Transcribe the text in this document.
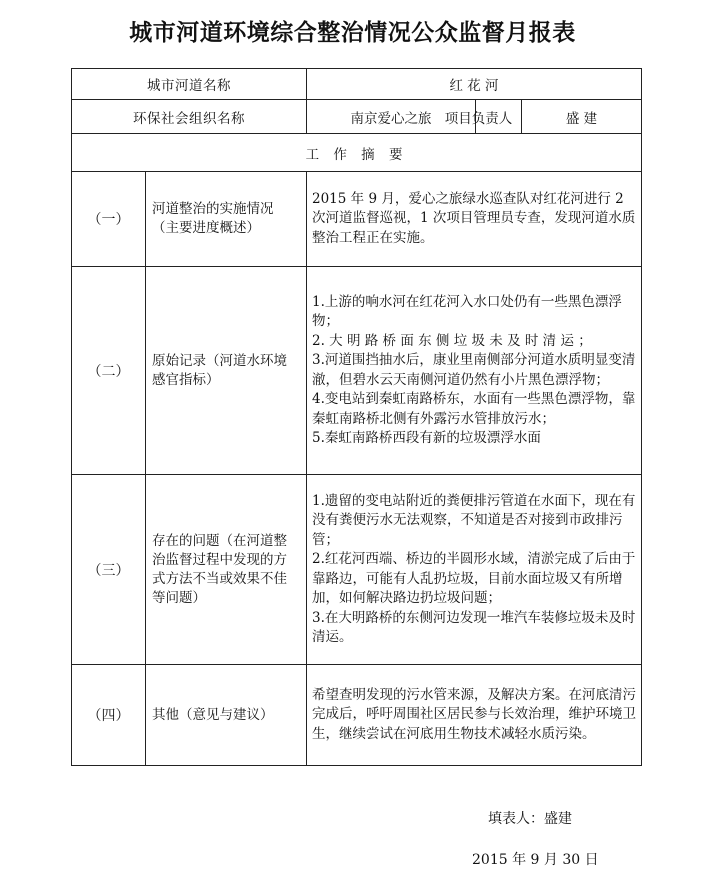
城市河道环境综合整治情况公众监督月报表
城市河道名称		红 花 河		
环保社会组织名称		南京爱心之旅	项目负责人	盛 建
工 作 摘 要				
（一）	河道整治的实施情况（主要进度概述）	2015 年 9 月，爱心之旅绿水巡查队对红花河进行 2 次河道监督巡视，1 次项目管理员专查，发现河道水质整治工程正在实施。		

（二）	原始记录（河道水环境感官指标）	1.上游的响水河在红花河入水口处仍有一些黑色漂浮物；

2. 大 明 路 桥 面 东 侧 垃 圾 未 及 时 清 运 ；

3.河道围挡抽水后，康业里南侧部分河道水质明显变清澈，但碧水云天南侧河道仍然有小片黑色漂浮物；

4.变电站到秦虹南路桥东，水面有一些黑色漂浮物，靠秦虹南路桥北侧有外露污水管排放污水；

5.秦虹南路桥西段有新的垃圾漂浮水面		

（三）	存在的问题（在河道整治监督过程中发现的方式方法不当或效果不佳等问题）	1.遗留的变电站附近的粪便排污管道在水面下，现在有没有粪便污水无法观察，不知道是否对接到市政排污管；

2.红花河西端、桥边的半圆形水域，清淤完成了后由于靠路边，可能有人乱扔垃圾，目前水面垃圾又有所增加，如何解决路边扔垃圾问题；

3.在大明路桥的东侧河边发现一堆汽车装修垃圾未及时清运。		

（四）	其他（意见与建议）	希望查明发现的污水管来源，及解决方案。在河底清污完成后，呼吁周围社区居民参与长效治理，维护环境卫生，继续尝试在河底用生物技术减轻水质污染。		

填表人：盛建
2015 年 9 月 30 日
